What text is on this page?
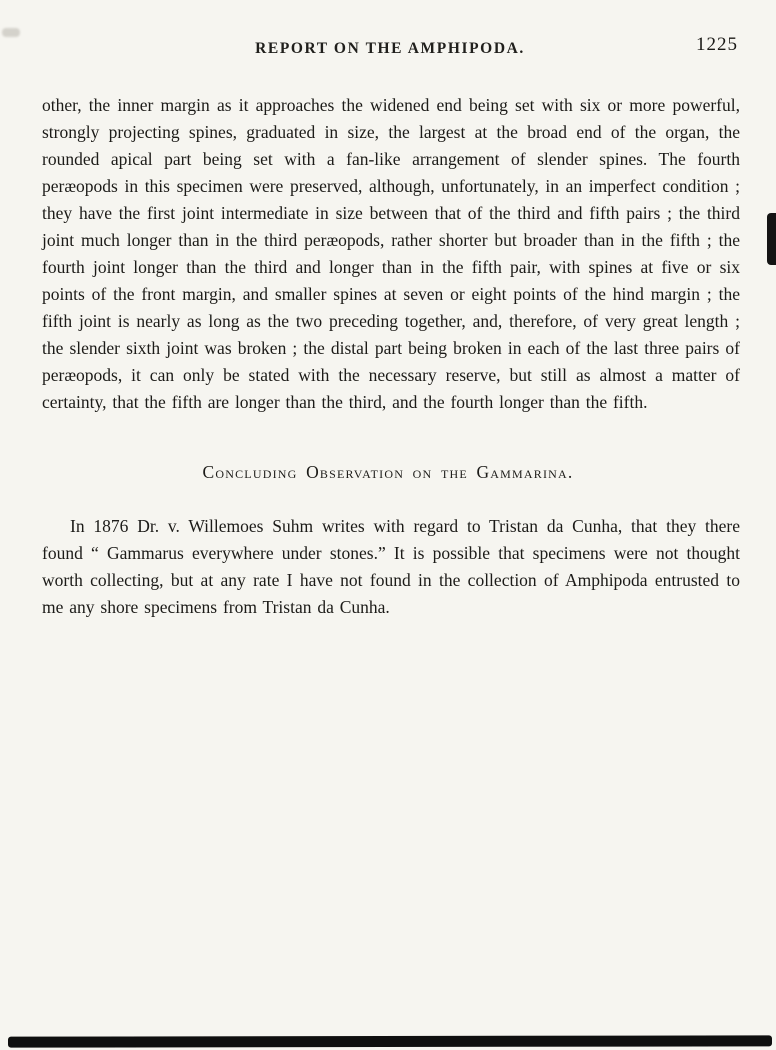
REPORT ON THE AMPHIPODA.	1225

other, the inner margin as it approaches the widened end being set with six or more powerful, strongly projecting spines, graduated in size, the largest at the broad end of the organ, the rounded apical part being set with a fan-like arrangement of slender spines. The fourth peræopods in this specimen were preserved, although, unfortunately, in an imperfect condition ; they have the first joint intermediate in size between that of the third and fifth pairs ; the third joint much longer than in the third peræopods, rather shorter but broader than in the fifth ; the fourth joint longer than the third and longer than in the fifth pair, with spines at five or six points of the front margin, and smaller spines at seven or eight points of the hind margin ; the fifth joint is nearly as long as the two preceding together, and, therefore, of very great length ; the slender sixth joint was broken ; the distal part being broken in each of the last three pairs of peræopods, it can only be stated with the necessary reserve, but still as almost a matter of certainty, that the fifth are longer than the third, and the fourth longer than the fifth.

Concluding Observation on the Gammarina.

In 1876 Dr. v. Willemoes Suhm writes with regard to Tristan da Cunha, that they there found “ Gammarus everywhere under stones.” It is possible that specimens were not thought worth collecting, but at any rate I have not found in the collection of Amphipoda entrusted to me any shore specimens from Tristan da Cunha.
